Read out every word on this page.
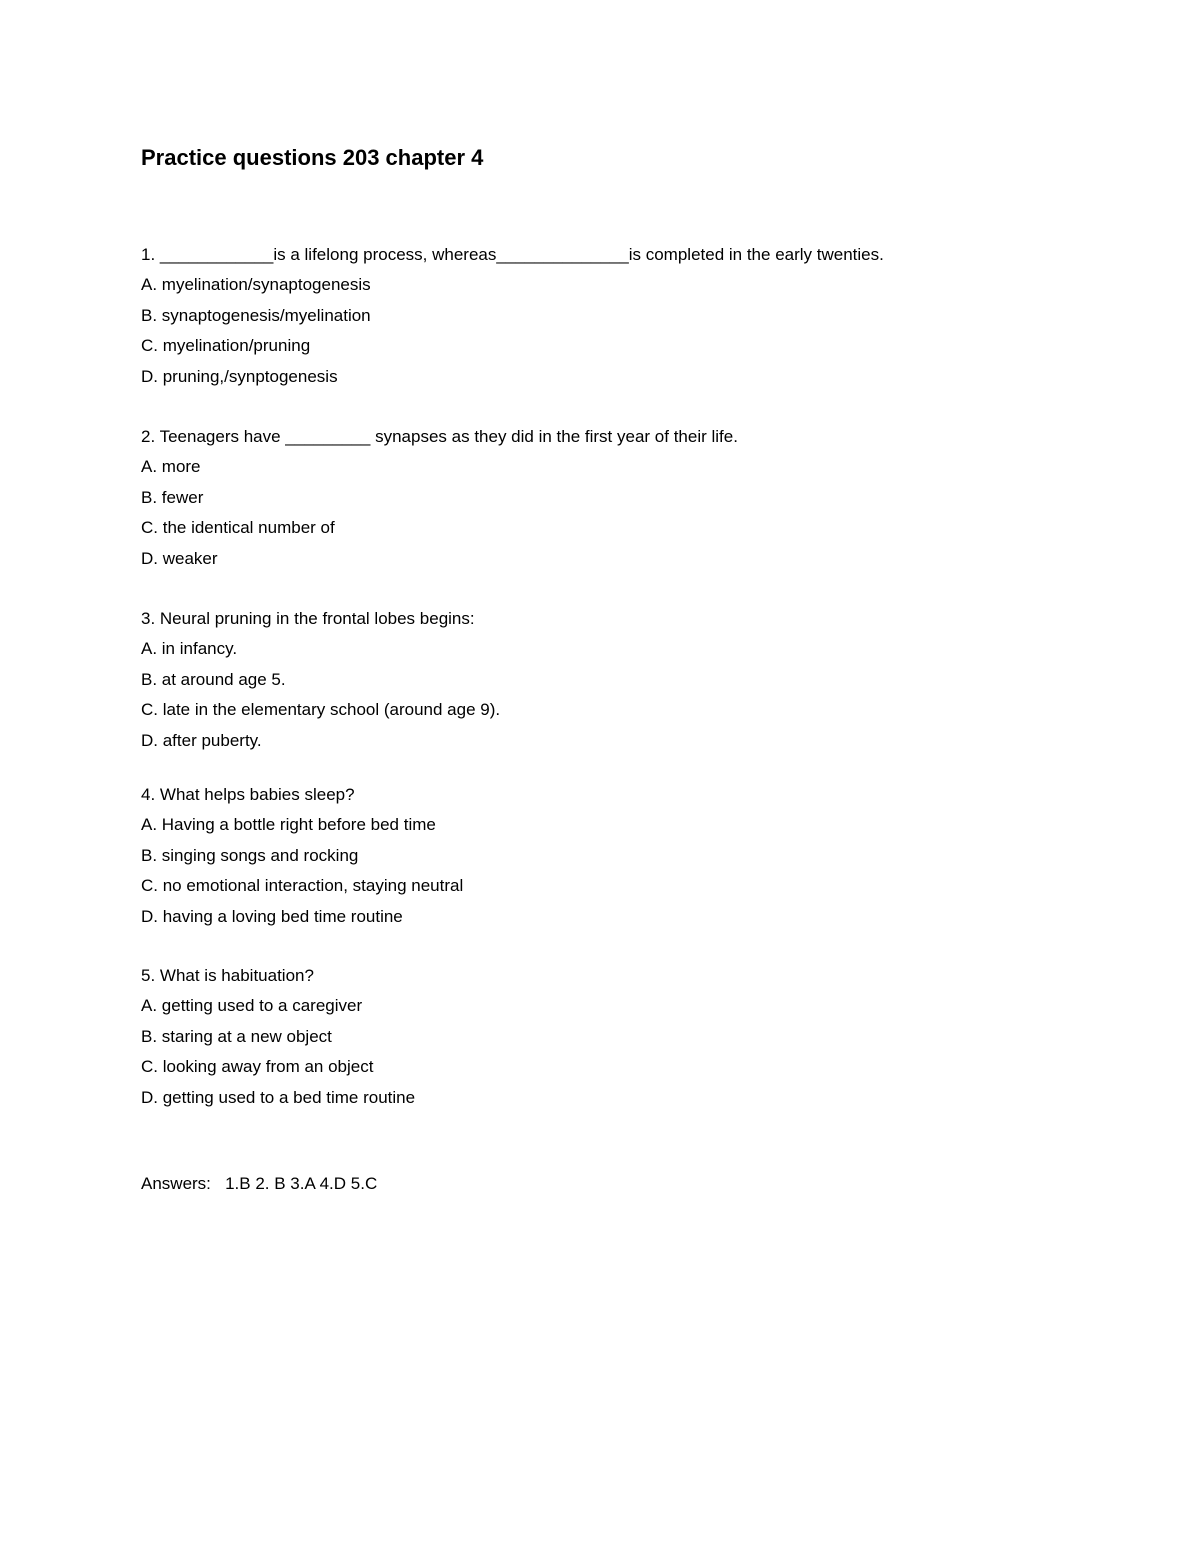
Practice questions 203 chapter 4
1. ____________is a lifelong process, whereas______________is completed in the early twenties.
A. myelination/synaptogenesis
B. synaptogenesis/myelination
C. myelination/pruning
D. pruning,/synptogenesis
2. Teenagers have _________ synapses as they did in the first year of their life.
A. more
B. fewer
C. the identical number of
D. weaker
3. Neural pruning in the frontal lobes begins:
A. in infancy.
B. at around age 5.
C. late in the elementary school (around age 9).
D. after puberty.
4. What helps babies sleep?
A. Having a bottle right before bed time
B. singing songs and rocking
C. no emotional interaction, staying neutral
D. having a loving bed time routine
5. What is habituation?
A. getting used to a caregiver
B. staring at a new object
C. looking away from an object
D. getting used to a bed time routine
Answers:   1.B 2. B 3.A 4.D 5.C
